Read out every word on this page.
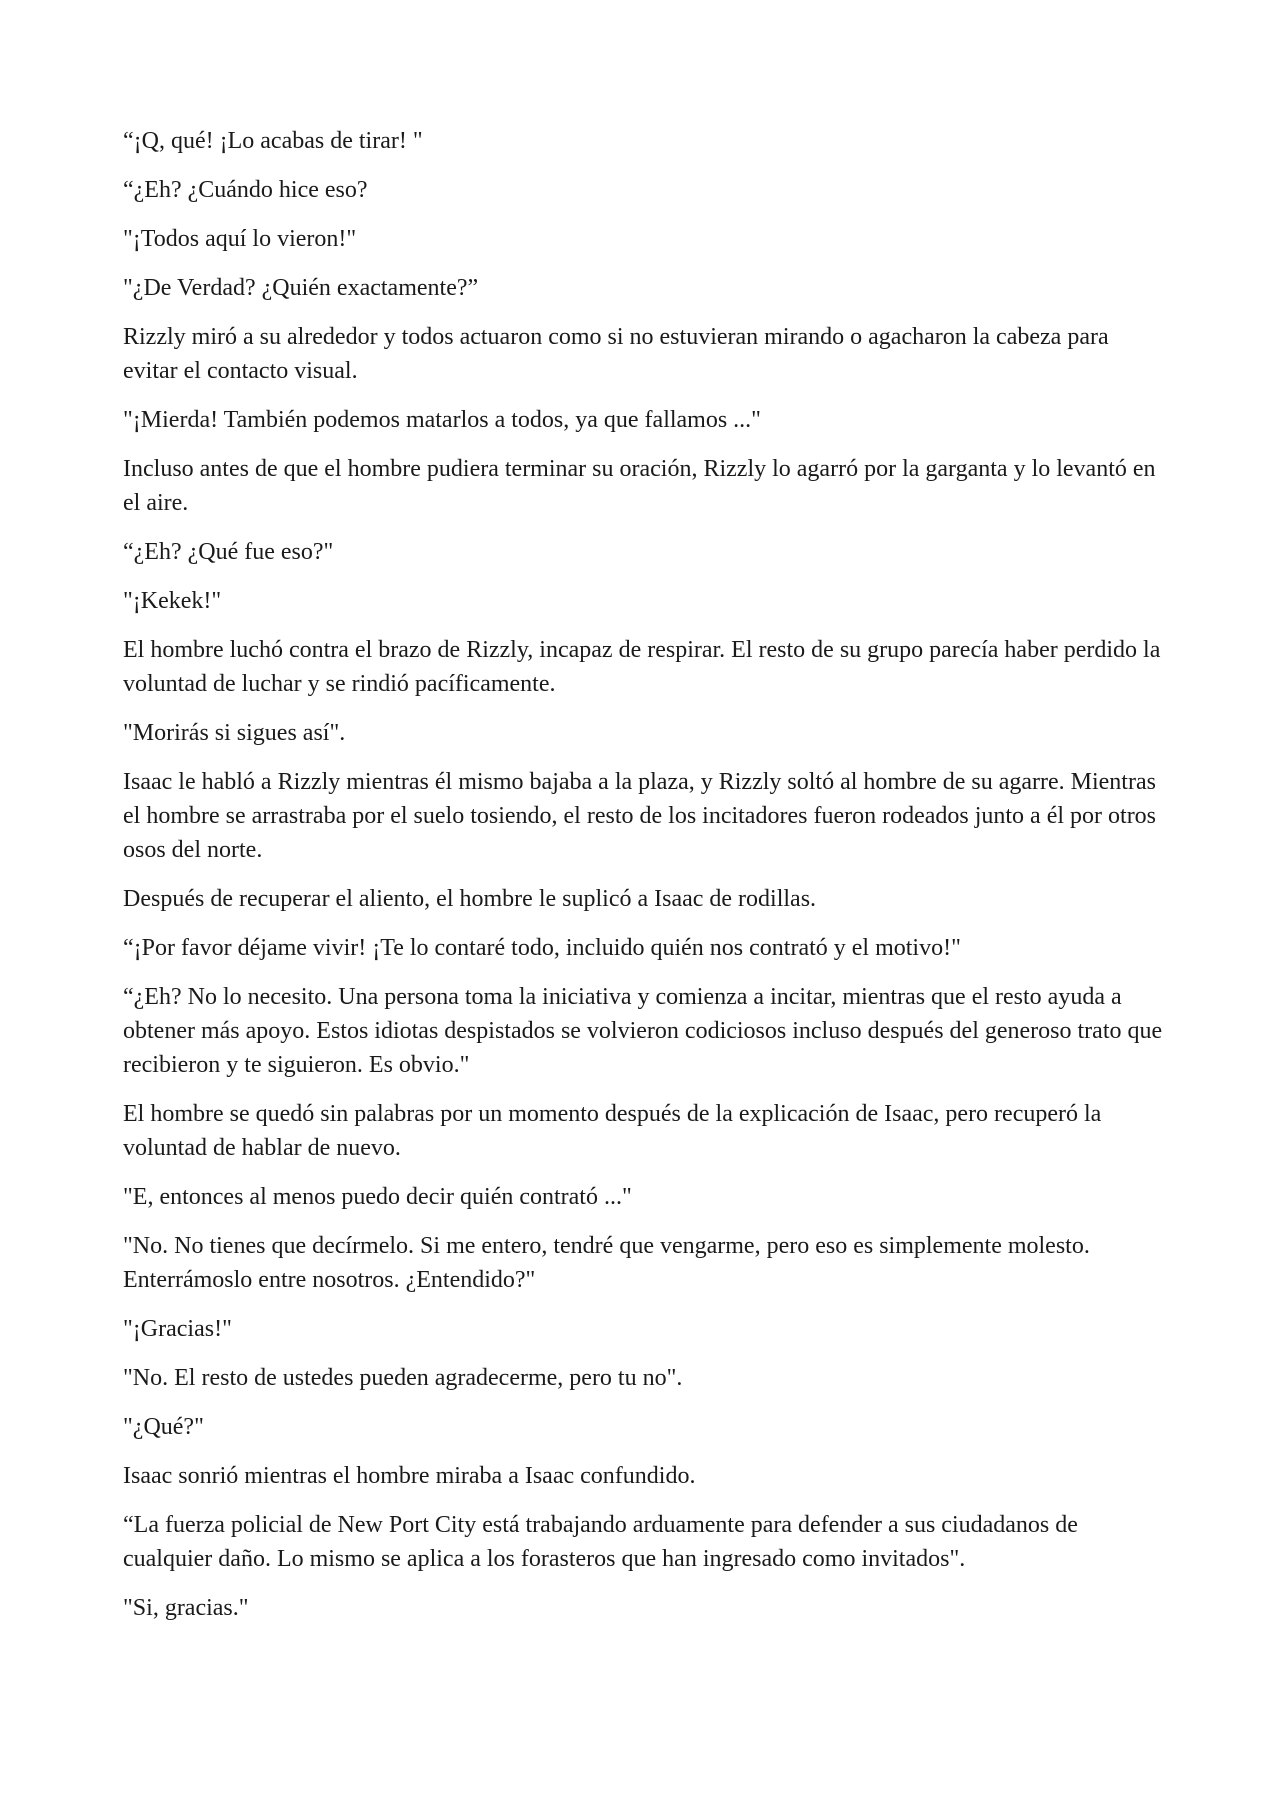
“¡Q, qué! ¡Lo acabas de tirar! "

“¿Eh? ¿Cuándo hice eso?

"¡Todos aquí lo vieron!"

"¿De Verdad? ¿Quién exactamente?”

Rizzly miró a su alrededor y todos actuaron como si no estuvieran mirando o agacharon la cabeza para evitar el contacto visual.

"¡Mierda! También podemos matarlos a todos, ya que fallamos ..."

Incluso antes de que el hombre pudiera terminar su oración, Rizzly lo agarró por la garganta y lo levantó en el aire.

“¿Eh? ¿Qué fue eso?"

"¡Kekek!"

El hombre luchó contra el brazo de Rizzly, incapaz de respirar. El resto de su grupo parecía haber perdido la voluntad de luchar y se rindió pacíficamente.

"Morirás si sigues así".

Isaac le habló a Rizzly mientras él mismo bajaba a la plaza, y Rizzly soltó al hombre de su agarre. Mientras el hombre se arrastraba por el suelo tosiendo, el resto de los incitadores fueron rodeados junto a él por otros osos del norte.

Después de recuperar el aliento, el hombre le suplicó a Isaac de rodillas.

“¡Por favor déjame vivir! ¡Te lo contaré todo, incluido quién nos contrató y el motivo!"

“¿Eh? No lo necesito. Una persona toma la iniciativa y comienza a incitar, mientras que el resto ayuda a obtener más apoyo. Estos idiotas despistados se volvieron codiciosos incluso después del generoso trato que recibieron y te siguieron. Es obvio."

El hombre se quedó sin palabras por un momento después de la explicación de Isaac, pero recuperó la voluntad de hablar de nuevo.

"E, entonces al menos puedo decir quién contrató ..."

"No. No tienes que decírmelo. Si me entero, tendré que vengarme, pero eso es simplemente molesto. Enterrámoslo entre nosotros. ¿Entendido?"

"¡Gracias!"

"No. El resto de ustedes pueden agradecerme, pero tu no".

"¿Qué?"

Isaac sonrió mientras el hombre miraba a Isaac confundido.

“La fuerza policial de New Port City está trabajando arduamente para defender a sus ciudadanos de cualquier daño. Lo mismo se aplica a los forasteros que han ingresado como invitados".

"Si, gracias."
